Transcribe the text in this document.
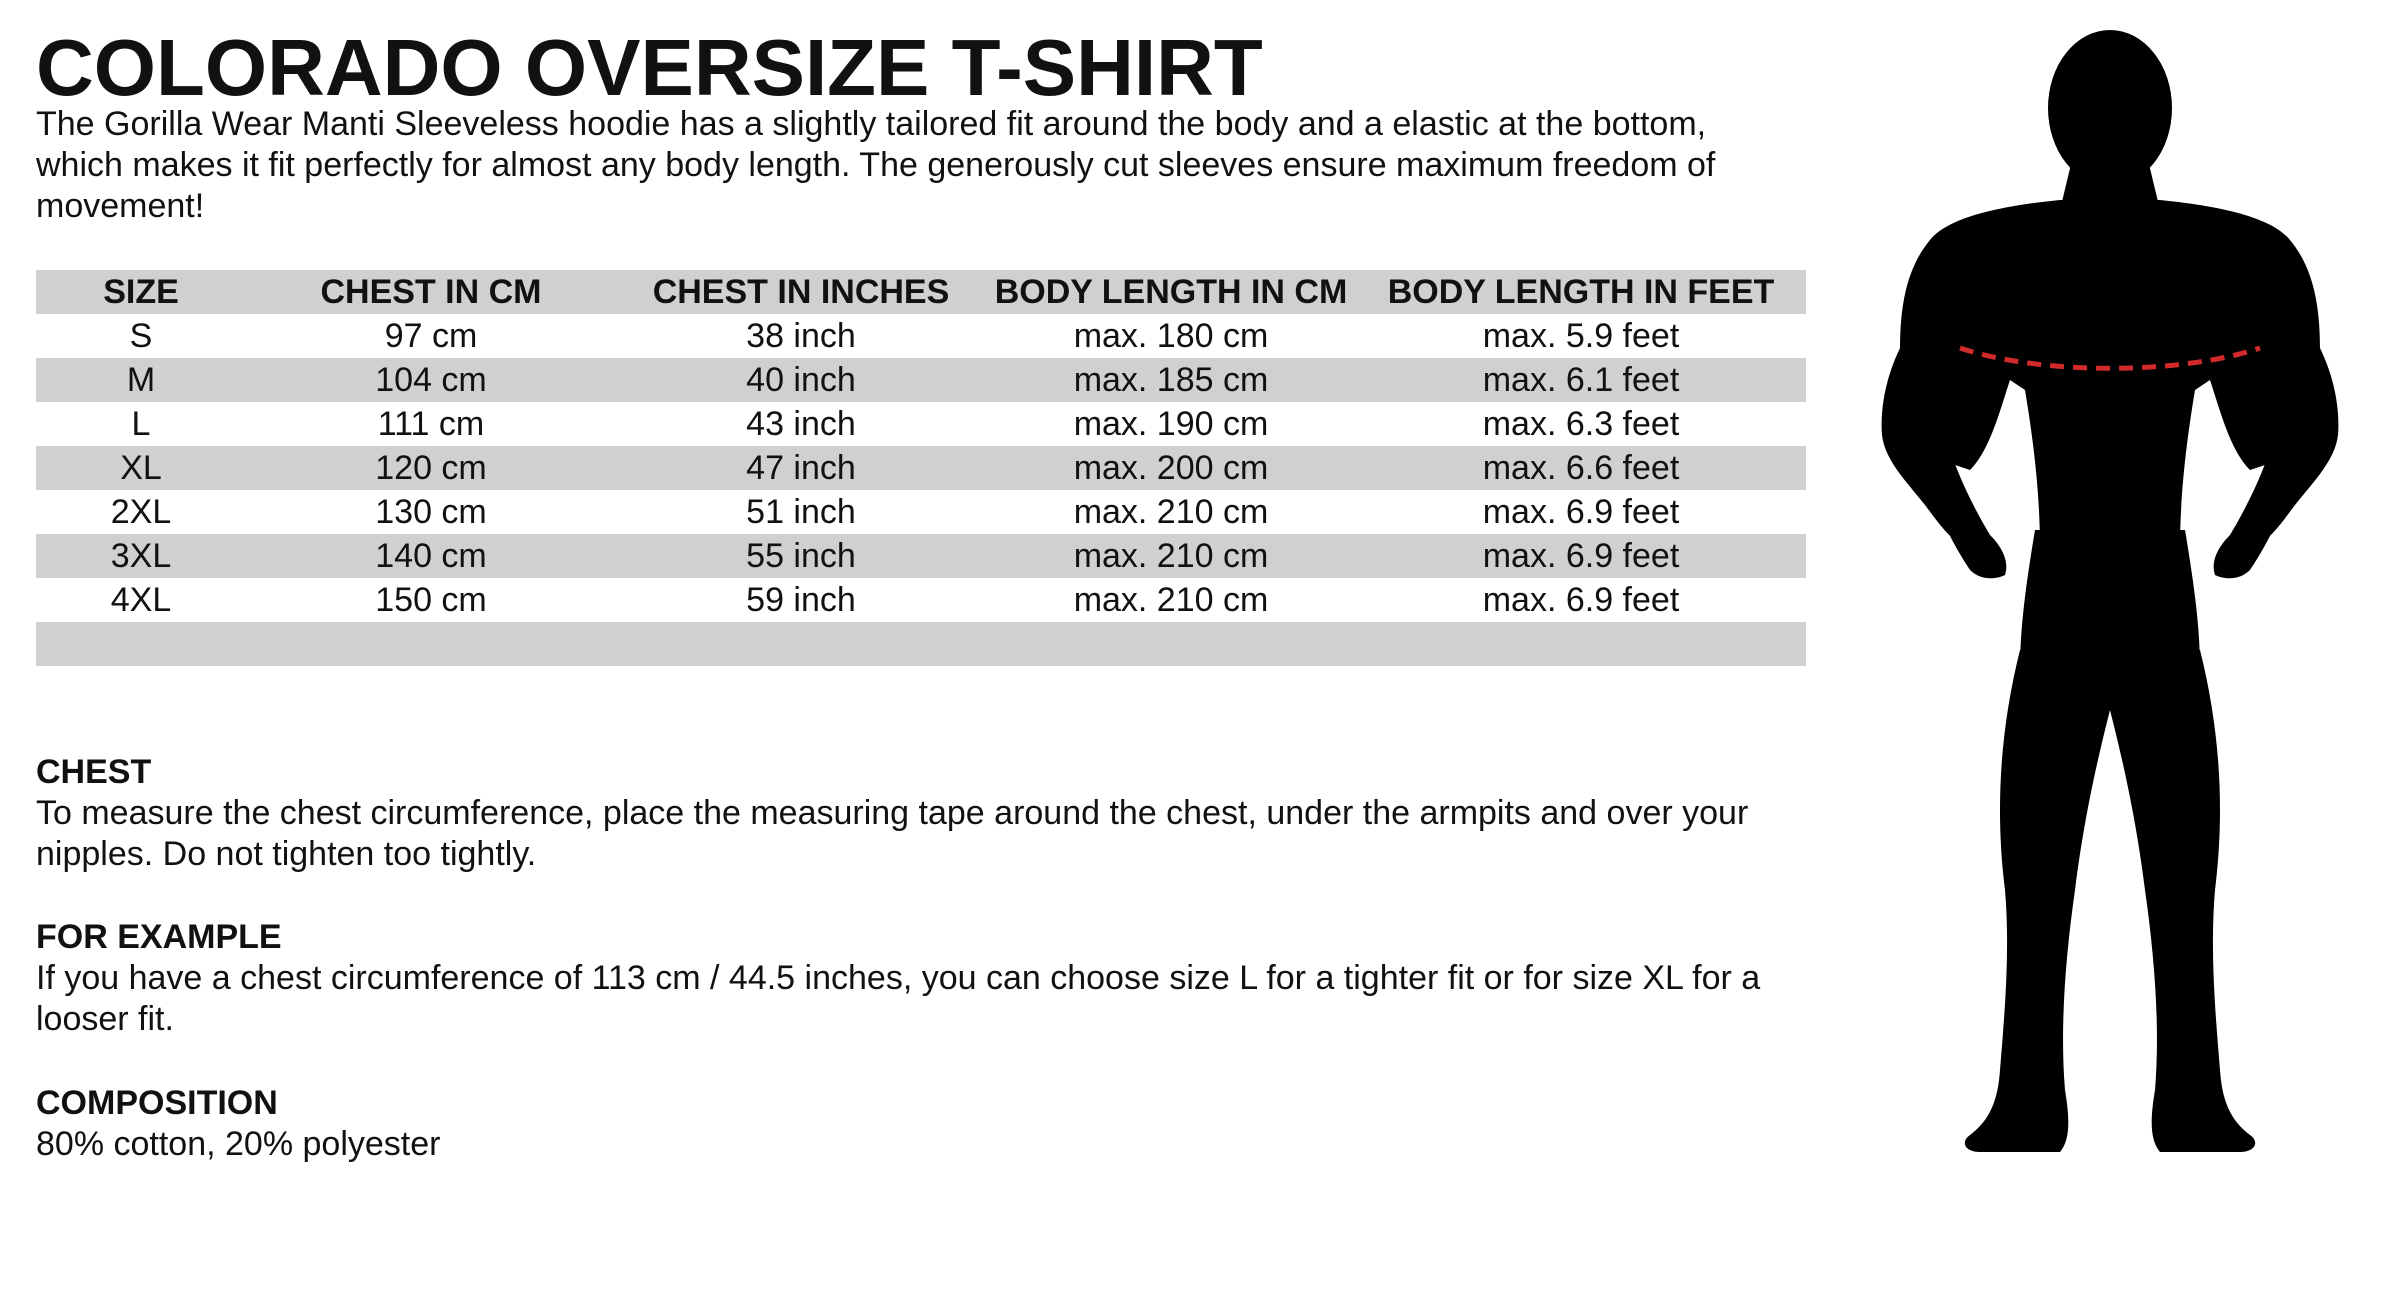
COLORADO OVERSIZE T-SHIRT

The Gorilla Wear Manti Sleeveless hoodie has a slightly tailored fit around the body and a elastic at the bottom, which makes it fit perfectly for almost any body length. The generously cut sleeves ensure maximum freedom of movement!

SIZE	CHEST IN CM	CHEST IN INCHES	BODY LENGTH IN CM	BODY LENGTH IN FEET
S	97 cm	38 inch	max. 180 cm	max. 5.9 feet
M	104 cm	40 inch	max. 185 cm	max. 6.1 feet
L	111 cm	43 inch	max. 190 cm	max. 6.3 feet
XL	120 cm	47 inch	max. 200 cm	max. 6.6 feet
2XL	130 cm	51 inch	max. 210 cm	max. 6.9 feet
3XL	140 cm	55 inch	max. 210 cm	max. 6.9 feet
4XL	150 cm	59 inch	max. 210 cm	max. 6.9 feet

CHEST

To measure the chest circumference, place the measuring tape around the chest, under the armpits and over your nipples. Do not tighten too tightly.

FOR EXAMPLE

If you have a chest circumference of 113 cm / 44.5 inches, you can choose size L for a tighter fit or for size XL for a looser fit.

COMPOSITION

80% cotton, 20% polyester
